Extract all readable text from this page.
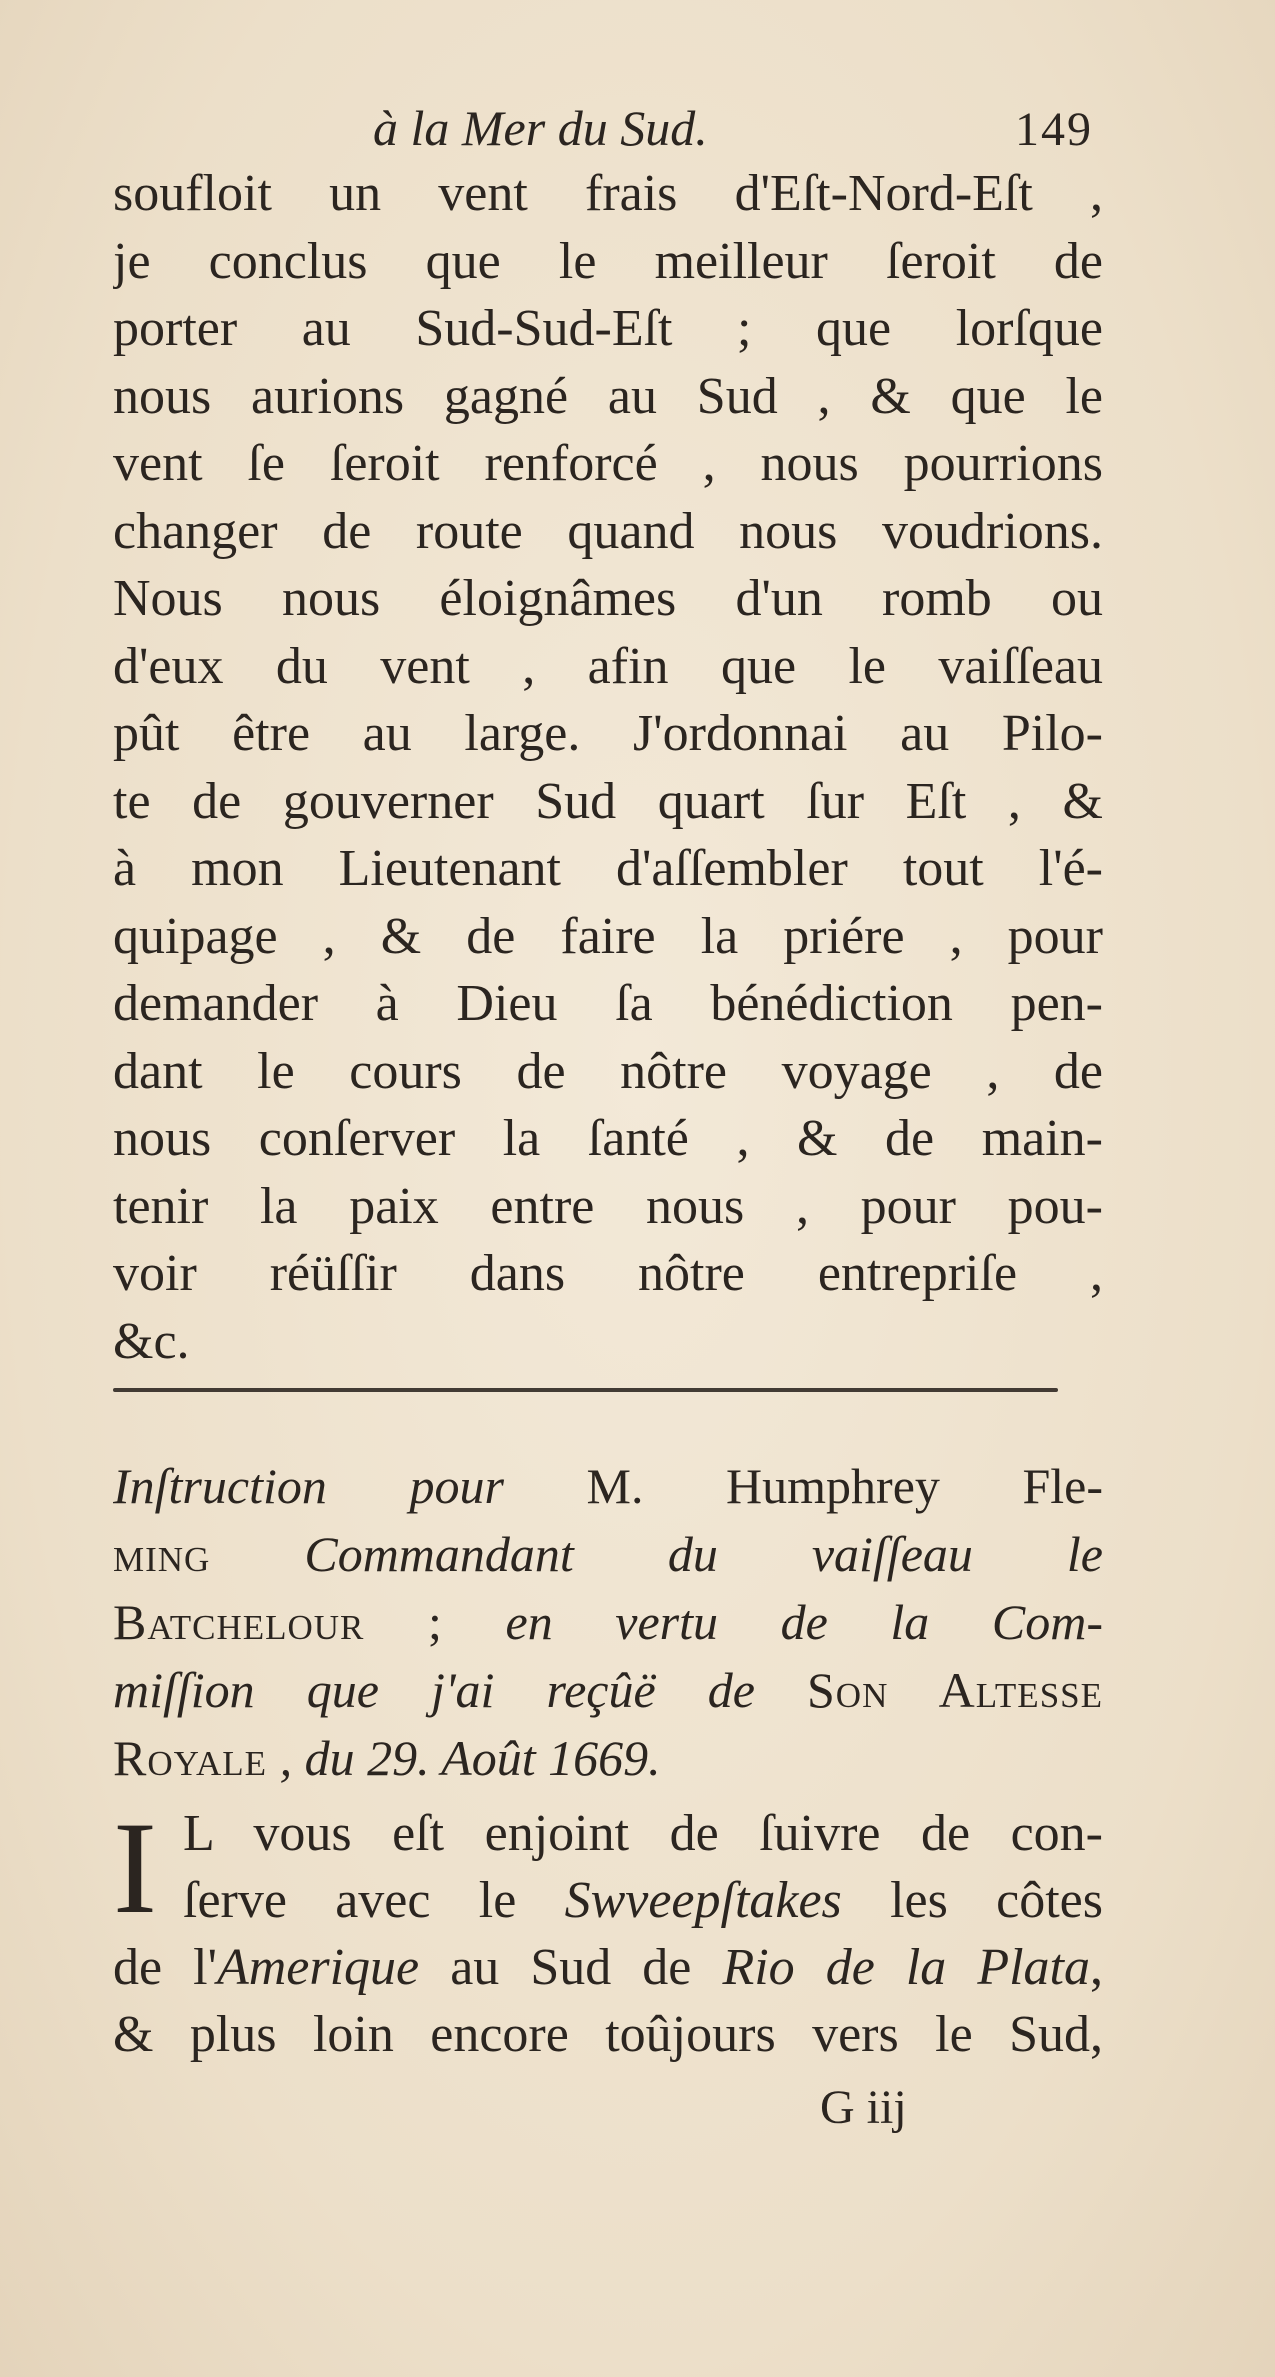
à la Mer du Sud.	149
soufloit un vent frais d'Eſt-Nord-Eſt ,
je conclus que le meilleur ſeroit de
porter au Sud-Sud-Eſt ; que lorſque
nous aurions gagné au Sud , & que le
vent ſe ſeroit renforcé , nous pourrions
changer de route quand nous voudrions.
Nous nous éloignâmes d'un romb ou
d'eux du vent , afin que le vaiſſeau
pût être au large. J'ordonnai au Pilo-
te de gouverner Sud quart ſur Eſt , &
à mon Lieutenant d'aſſembler tout l'é-
quipage , & de faire la priére , pour
demander à Dieu ſa bénédiction pen-
dant le cours de nôtre voyage , de
nous conſerver la ſanté , & de main-
tenir la paix entre nous , pour pou-
voir réüſſir dans nôtre entrepriſe ,
&c.
Inſtruction pour M. Humphrey Fle-
ming Commandant du vaiſſeau le
Batchelour ; en vertu de la Com-
miſſion que j'ai reçûë de Son Altesse
Royale , du 29. Août 1669.
I L vous eſt enjoint de ſuivre de con-
ſerve avec le Swveepſtakes les côtes
de l'Amerique au Sud de Rio de la Plata,
& plus loin encore toûjours vers le Sud,
G iij
